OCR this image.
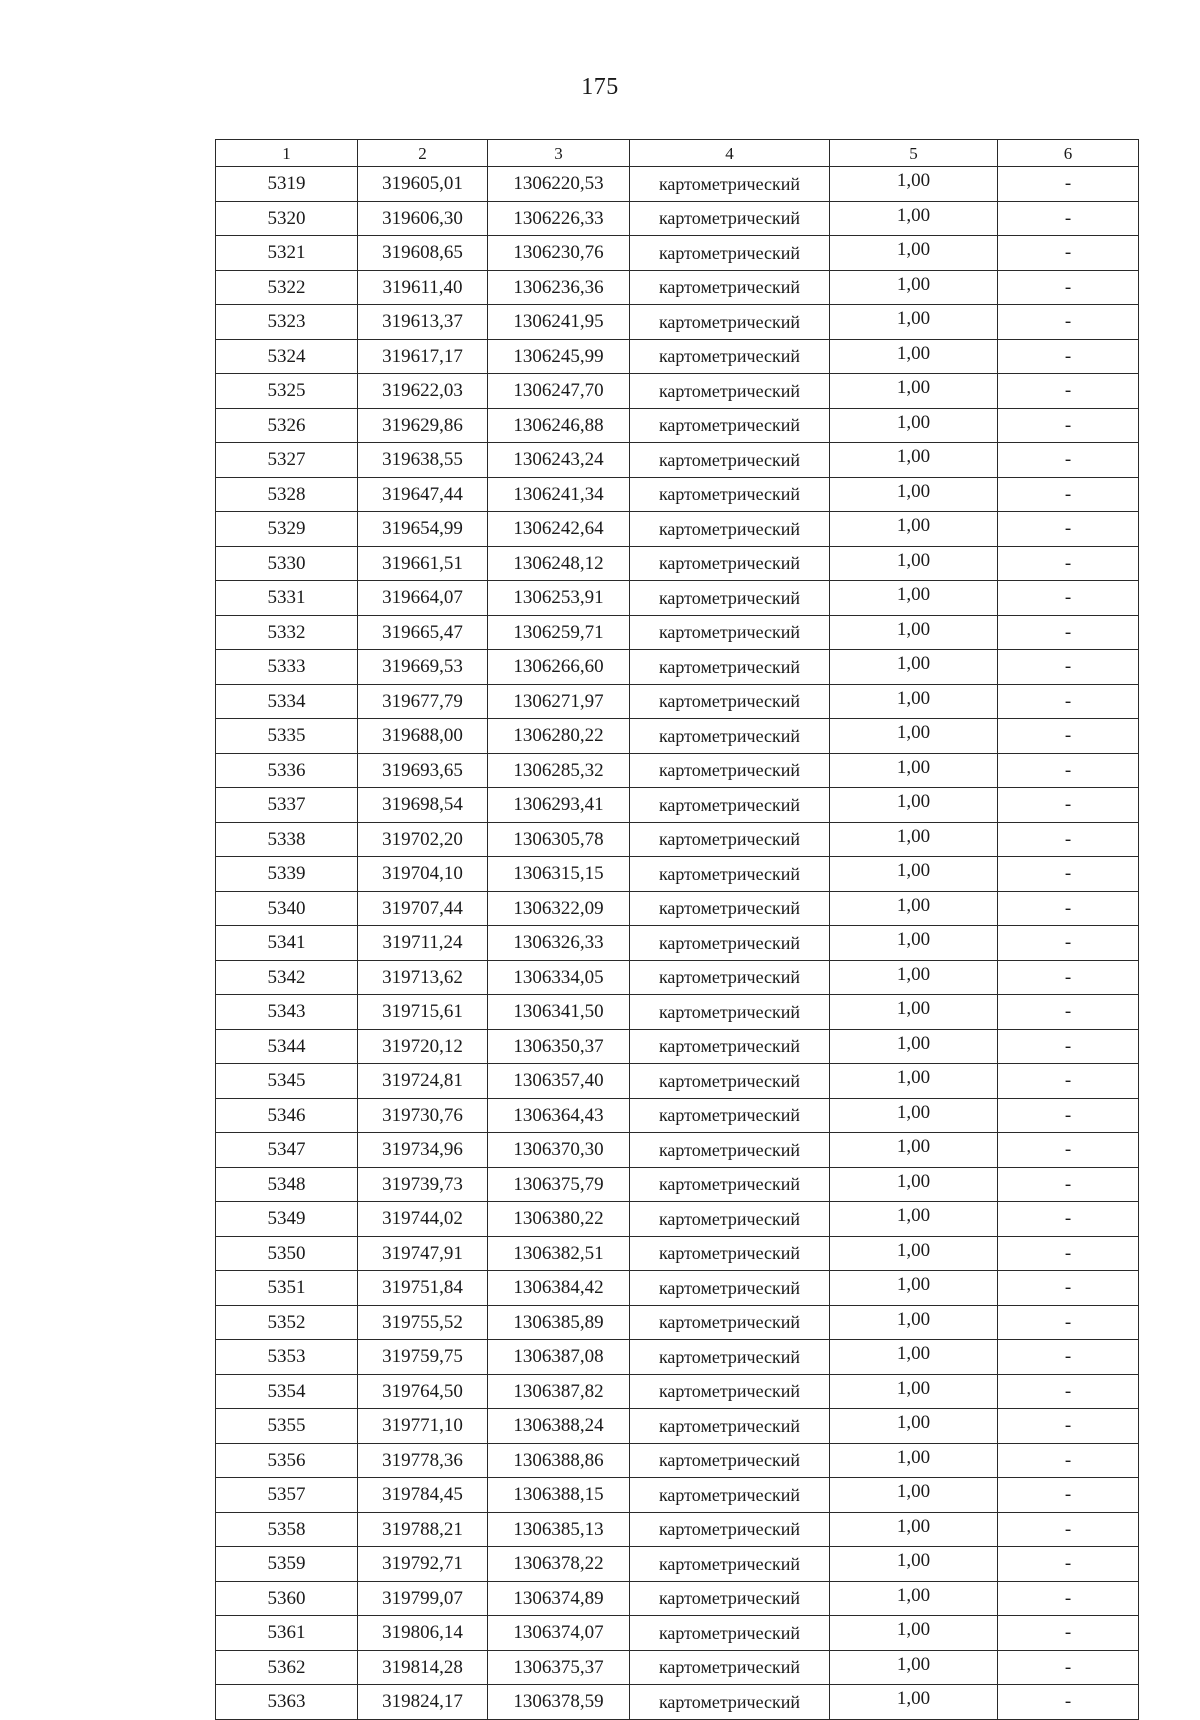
175
1	2	3	4	5	6
5319	319605,01	1306220,53	картометрический	1,00	-
5320	319606,30	1306226,33	картометрический	1,00	-
5321	319608,65	1306230,76	картометрический	1,00	-
5322	319611,40	1306236,36	картометрический	1,00	-
5323	319613,37	1306241,95	картометрический	1,00	-
5324	319617,17	1306245,99	картометрический	1,00	-
5325	319622,03	1306247,70	картометрический	1,00	-
5326	319629,86	1306246,88	картометрический	1,00	-
5327	319638,55	1306243,24	картометрический	1,00	-
5328	319647,44	1306241,34	картометрический	1,00	-
5329	319654,99	1306242,64	картометрический	1,00	-
5330	319661,51	1306248,12	картометрический	1,00	-
5331	319664,07	1306253,91	картометрический	1,00	-
5332	319665,47	1306259,71	картометрический	1,00	-
5333	319669,53	1306266,60	картометрический	1,00	-
5334	319677,79	1306271,97	картометрический	1,00	-
5335	319688,00	1306280,22	картометрический	1,00	-
5336	319693,65	1306285,32	картометрический	1,00	-
5337	319698,54	1306293,41	картометрический	1,00	-
5338	319702,20	1306305,78	картометрический	1,00	-
5339	319704,10	1306315,15	картометрический	1,00	-
5340	319707,44	1306322,09	картометрический	1,00	-
5341	319711,24	1306326,33	картометрический	1,00	-
5342	319713,62	1306334,05	картометрический	1,00	-
5343	319715,61	1306341,50	картометрический	1,00	-
5344	319720,12	1306350,37	картометрический	1,00	-
5345	319724,81	1306357,40	картометрический	1,00	-
5346	319730,76	1306364,43	картометрический	1,00	-
5347	319734,96	1306370,30	картометрический	1,00	-
5348	319739,73	1306375,79	картометрический	1,00	-
5349	319744,02	1306380,22	картометрический	1,00	-
5350	319747,91	1306382,51	картометрический	1,00	-
5351	319751,84	1306384,42	картометрический	1,00	-
5352	319755,52	1306385,89	картометрический	1,00	-
5353	319759,75	1306387,08	картометрический	1,00	-
5354	319764,50	1306387,82	картометрический	1,00	-
5355	319771,10	1306388,24	картометрический	1,00	-
5356	319778,36	1306388,86	картометрический	1,00	-
5357	319784,45	1306388,15	картометрический	1,00	-
5358	319788,21	1306385,13	картометрический	1,00	-
5359	319792,71	1306378,22	картометрический	1,00	-
5360	319799,07	1306374,89	картометрический	1,00	-
5361	319806,14	1306374,07	картометрический	1,00	-
5362	319814,28	1306375,37	картометрический	1,00	-
5363	319824,17	1306378,59	картометрический	1,00	-
